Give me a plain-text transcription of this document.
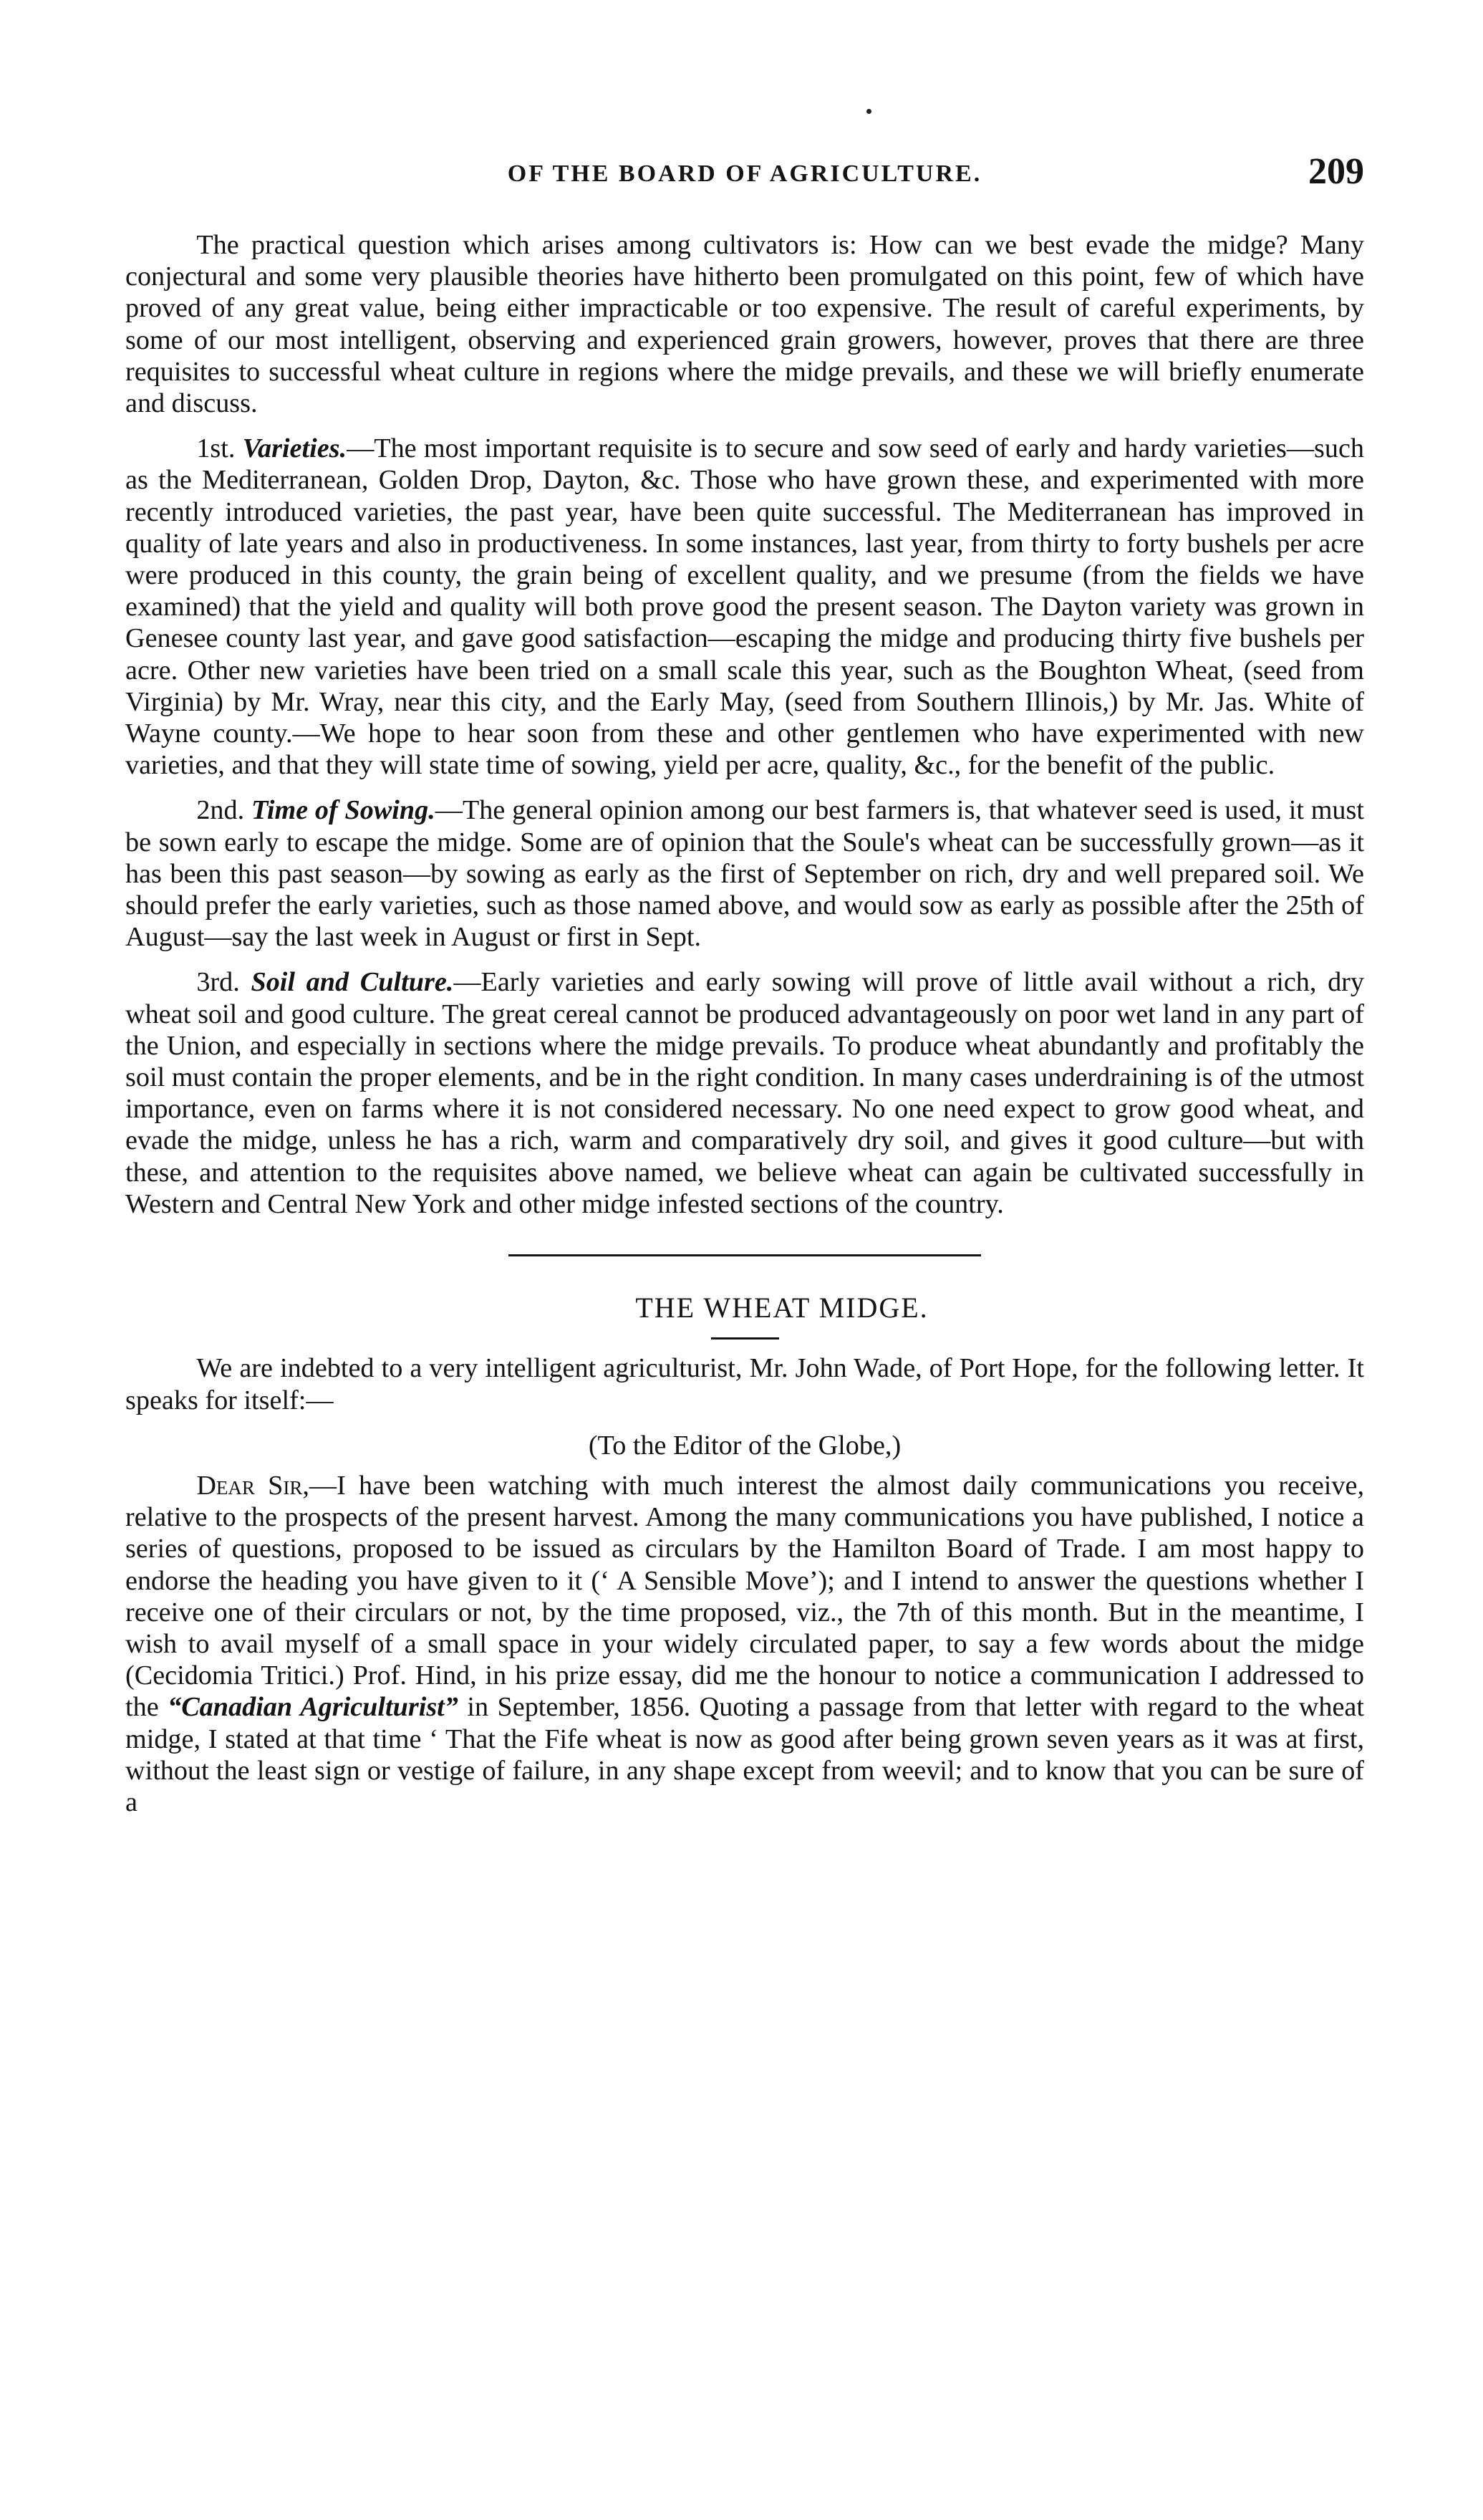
OF THE BOARD OF AGRICULTURE.	209

The practical question which arises among cultivators is: How can we best evade the midge? Many conjectural and some very plausible theories have hitherto been promulgated on this point, few of which have proved of any great value, being either impracticable or too expensive. The result of careful experiments, by some of our most intelligent, observing and experienced grain growers, however, proves that there are three requisites to successful wheat culture in regions where the midge prevails, and these we will briefly enumerate and discuss.

1st. Varieties.—The most important requisite is to secure and sow seed of early and hardy varieties—such as the Mediterranean, Golden Drop, Dayton, &c. Those who have grown these, and experimented with more recently introduced varieties, the past year, have been quite successful. The Mediterranean has improved in quality of late years and also in productiveness. In some instances, last year, from thirty to forty bushels per acre were produced in this county, the grain being of excellent quality, and we presume (from the fields we have examined) that the yield and quality will both prove good the present season. The Dayton variety was grown in Genesee county last year, and gave good satisfaction—escaping the midge and producing thirty five bushels per acre. Other new varieties have been tried on a small scale this year, such as the Boughton Wheat, (seed from Virginia) by Mr. Wray, near this city, and the Early May, (seed from Southern Illinois,) by Mr. Jas. White of Wayne county.—We hope to hear soon from these and other gentlemen who have experimented with new varieties, and that they will state time of sowing, yield per acre, quality, &c., for the benefit of the public.

2nd. Time of Sowing.—The general opinion among our best farmers is, that whatever seed is used, it must be sown early to escape the midge. Some are of opinion that the Soule's wheat can be successfully grown—as it has been this past season—by sowing as early as the first of September on rich, dry and well prepared soil. We should prefer the early varieties, such as those named above, and would sow as early as possible after the 25th of August—say the last week in August or first in Sept.

3rd. Soil and Culture.—Early varieties and early sowing will prove of little avail without a rich, dry wheat soil and good culture. The great cereal cannot be produced advantageously on poor wet land in any part of the Union, and especially in sections where the midge prevails. To produce wheat abundantly and profitably the soil must contain the proper elements, and be in the right condition. In many cases underdraining is of the utmost importance, even on farms where it is not considered necessary. No one need expect to grow good wheat, and evade the midge, unless he has a rich, warm and comparatively dry soil, and gives it good culture—but with these, and attention to the requisites above named, we believe wheat can again be cultivated successfully in Western and Central New York and other midge infested sections of the country.

THE WHEAT MIDGE.

We are indebted to a very intelligent agriculturist, Mr. John Wade, of Port Hope, for the following letter. It speaks for itself:—

(To the Editor of the Globe,)

Dear Sir,—I have been watching with much interest the almost daily communications you receive, relative to the prospects of the present harvest. Among the many communications you have published, I notice a series of questions, proposed to be issued as circulars by the Hamilton Board of Trade. I am most happy to endorse the heading you have given to it (‘ A Sensible Move’); and I intend to answer the questions whether I receive one of their circulars or not, by the time proposed, viz., the 7th of this month. But in the meantime, I wish to avail myself of a small space in your widely circulated paper, to say a few words about the midge (Cecidomia Tritici.) Prof. Hind, in his prize essay, did me the honour to notice a communication I addressed to the “Canadian Agriculturist” in September, 1856. Quoting a passage from that letter with regard to the wheat midge, I stated at that time ‘ That the Fife wheat is now as good after being grown seven years as it was at first, without the least sign or vestige of failure, in any shape except from weevil; and to know that you can be sure of a
